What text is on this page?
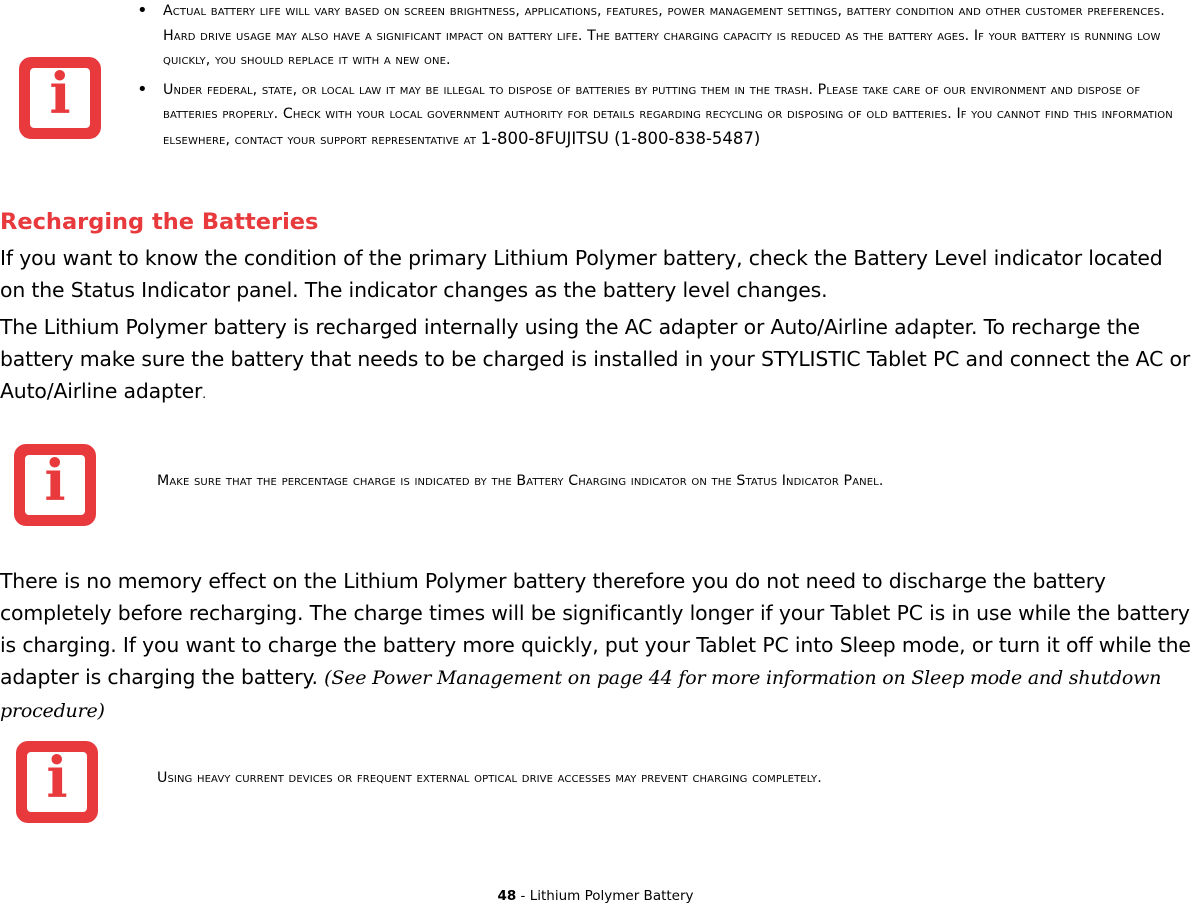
i
• Actual battery life will vary based on screen brightness, applications, features, power management settings, battery condition and other customer preferences. Hard drive usage may also have a significant impact on battery life. The battery charging capacity is reduced as the battery ages. If your battery is running low quickly, you should replace it with a new one.
• Under federal, state, or local law it may be illegal to dispose of batteries by putting them in the trash. Please take care of our environment and dispose of batteries properly. Check with your local government authority for details regarding recycling or disposing of old batteries. If you cannot find this information elsewhere, contact your support representative at 1-800-8FUJITSU (1-800-838-5487)
Recharging the Batteries

If you want to know the condition of the primary Lithium Polymer battery, check the Battery Level indicator located on the Status Indicator panel. The indicator changes as the battery level changes.

The Lithium Polymer battery is recharged internally using the AC adapter or Auto/Airline adapter. To recharge the battery make sure the battery that needs to be charged is installed in your STYLISTIC Tablet PC and connect the AC or Auto/Airline adapter.

i	Make sure that the percentage charge is indicated by the Battery Charging indicator on the Status Indicator Panel.

There is no memory effect on the Lithium Polymer battery therefore you do not need to discharge the battery completely before recharging. The charge times will be significantly longer if your Tablet PC is in use while the battery is charging. If you want to charge the battery more quickly, put your Tablet PC into Sleep mode, or turn it off while the adapter is charging the battery. (See Power Management on page 44 for more information on Sleep mode and shutdown procedure)

i	Using heavy current devices or frequent external optical drive accesses may prevent charging completely.
48 - Lithium Polymer Battery
